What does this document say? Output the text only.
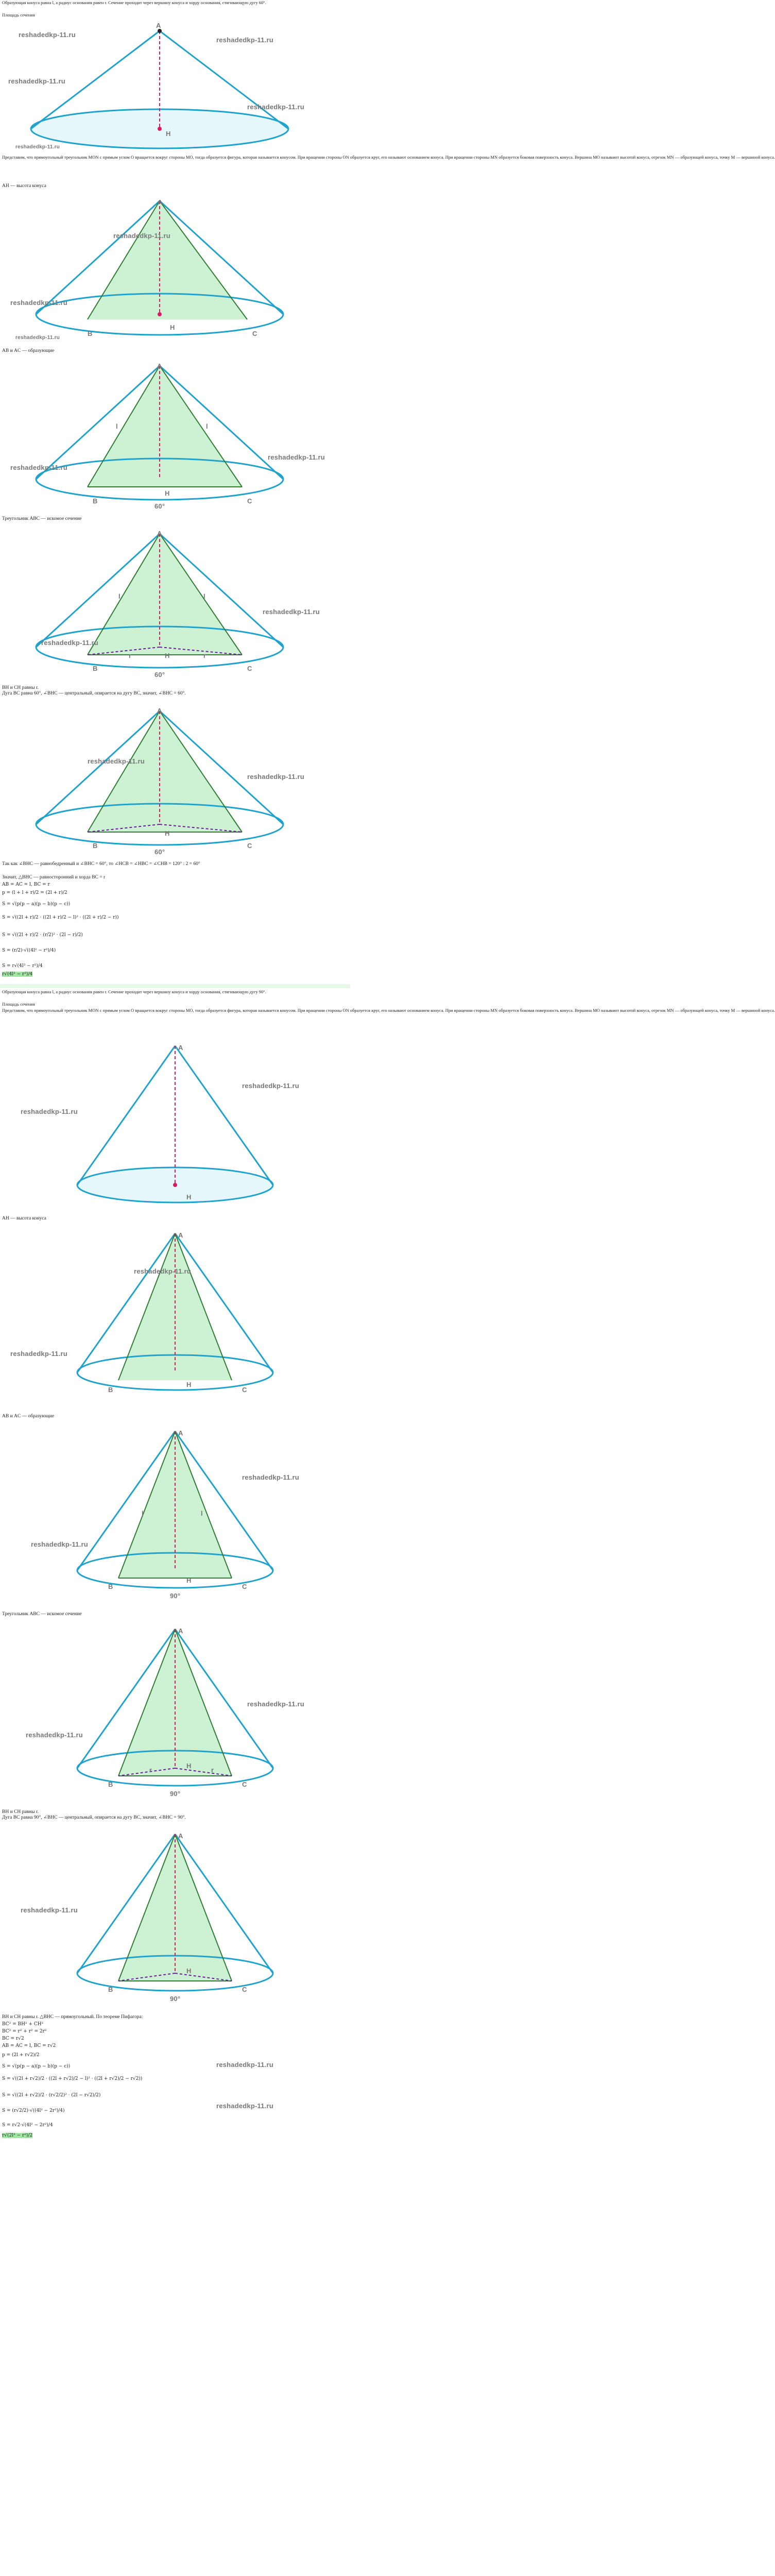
Образующая конуса равна l, а радиус основания равен r. Сечение проходит через вершину конуса и хорду основания, стягивающую дугу 60°.
Площадь сечения
reshadedkp-11.ru
reshadedkp-11.ru
reshadedkp-11.ru
reshadedkp-11.ru
reshadedkp-11.ru
A
H
Представим, что прямоугольный треугольник MON с прямым углом O вращается вокруг стороны MO, тогда образуется фигура, которая называется конусом. При вращении стороны ON образуется круг, его называют основанием конуса. При вращении стороны MN образуется боковая поверхность конуса. Вершина MO называют высотой конуса, отрезок MN — образующей конуса, точку M — вершиной конуса.
AH — высота конуса
A
H
B	C
reshadedkp-11.ru
reshadedkp-11.ru
reshadedkp-11.ru
AB и AC — образующие
A
l	l
H
B	C
60°
reshadedkp-11.ru
reshadedkp-11.ru
Треугольник ABC — искомое сечение
A
l	l
H
r	r
B	C
60°
reshadedkp-11.ru
reshadedkp-11.ru
BH и CH равны r.
Дуга BC равна 60°, ∠BHC — центральный, опирается на дугу BC, значит, ∠BHC = 60°.
A
H
B	C
60°
reshadedkp-11.ru
reshadedkp-11.ru
Так как ∠BHC — равнобедренный и ∠BHC = 60°, то ∠HCB = ∠HBC = ∠CHB = 120° : 2 = 60°
Значит, △BHC — равносторонний и хорда BC = r
AB = AC = l, BC = r
p = (l + l + r)/2 = (2l + r)/2
S = √(p(p − a)(p − b)(p − c))
S = √((2l + r)/2 · ((2l + r)/2 − l)² · ((2l + r)/2 − r))
S = √((2l + r)/2 · (r/2)² · (2l − r)/2)
S = (r/2)·√((4l² − r²)/4)
S = r√(4l² − r²)/4
r√(4l² − r²)/4
Образующая конуса равна l, а радиус основания равен r. Сечение проходит через вершину конуса и хорду основания, стягивающую дугу 90°.
Площадь сечения
Представим, что прямоугольный треугольник MON с прямым углом O вращается вокруг стороны MO, тогда образуется фигура, которая называется конусом. При вращении стороны ON образуется круг, его называют основанием конуса. При вращении стороны MN образуется боковая поверхность конуса. Вершина MO называют высотой конуса, отрезок MN — образующей конуса, точку M — вершиной конуса.
A
H
reshadedkp-11.ru
reshadedkp-11.ru
AH — высота конуса
A
H
B	C
reshadedkp-11.ru
reshadedkp-11.ru
AB и AC — образующие
A
l	l
H
B	C
90°
reshadedkp-11.ru
reshadedkp-11.ru
Треугольник ABC — искомое сечение
A
H
r	r
B	C
90°
reshadedkp-11.ru
reshadedkp-11.ru
BH и CH равны r.
Дуга BC равна 90°, ∠BHC — центральный, опирается на дугу BC, значит, ∠BHC = 90°.
A
H
B	C
90°
reshadedkp-11.ru
BH и CH равны r. △BHC — прямоугольный. По теореме Пифагора:
BC² = BH² + CH²
BC² = r² + r² = 2r²
BC = r√2
AB = AC = l, BC = r√2
p = (2l + r√2)/2
S = √(p(p − a)(p − b)(p − c))
S = √((2l + r√2)/2 · ((2l + r√2)/2 − l)² · ((2l + r√2)/2 − r√2))
S = √((2l + r√2)/2 · (r√2/2)² · (2l − r√2)/2)
S = (r√2/2)·√((4l² − 2r²)/4)
S = r√2·√(4l² − 2r²)/4
r√(2l² − r²)/2
reshadedkp-11.ru
reshadedkp-11.ru
